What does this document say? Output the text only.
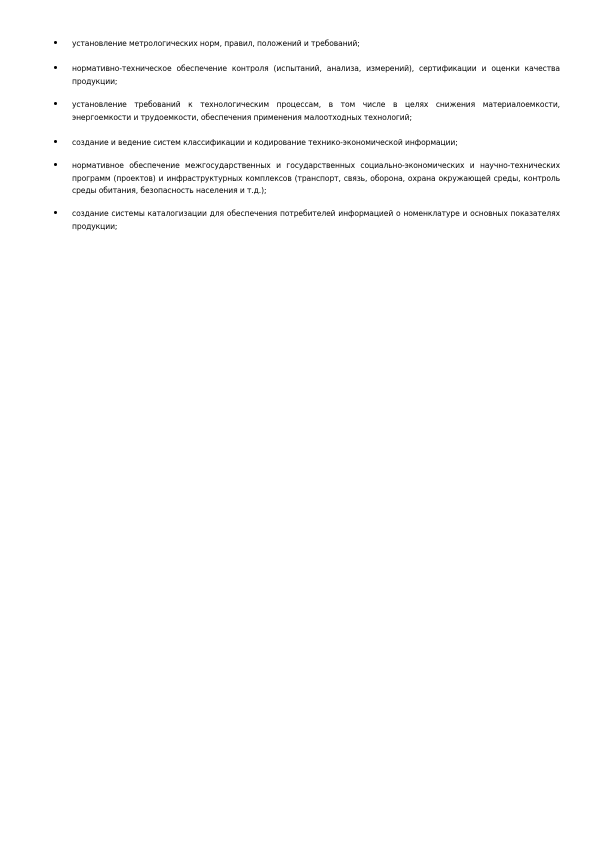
установление метрологических норм, правил, положений и требований;

нормативно-техническое обеспечение контроля (испытаний, анализа, измерений), сертификации и оценки качества продукции;

установление требований к технологическим процессам, в том числе в целях снижения материалоемкости, энергоемкости и трудоемкости, обеспечения применения малоотходных технологий;

создание и ведение систем классификации и кодирование технико-экономической информации;

нормативное обеспечение межгосударственных и государственных социально-экономических и научно-технических программ (проектов) и инфраструктурных комплексов (транспорт, связь, оборона, охрана окружающей среды, контроль среды обитания, безопасность населения и т.д.);

создание системы каталогизации для обеспечения потребителей информацией о номенклатуре и основных показателях продукции;
